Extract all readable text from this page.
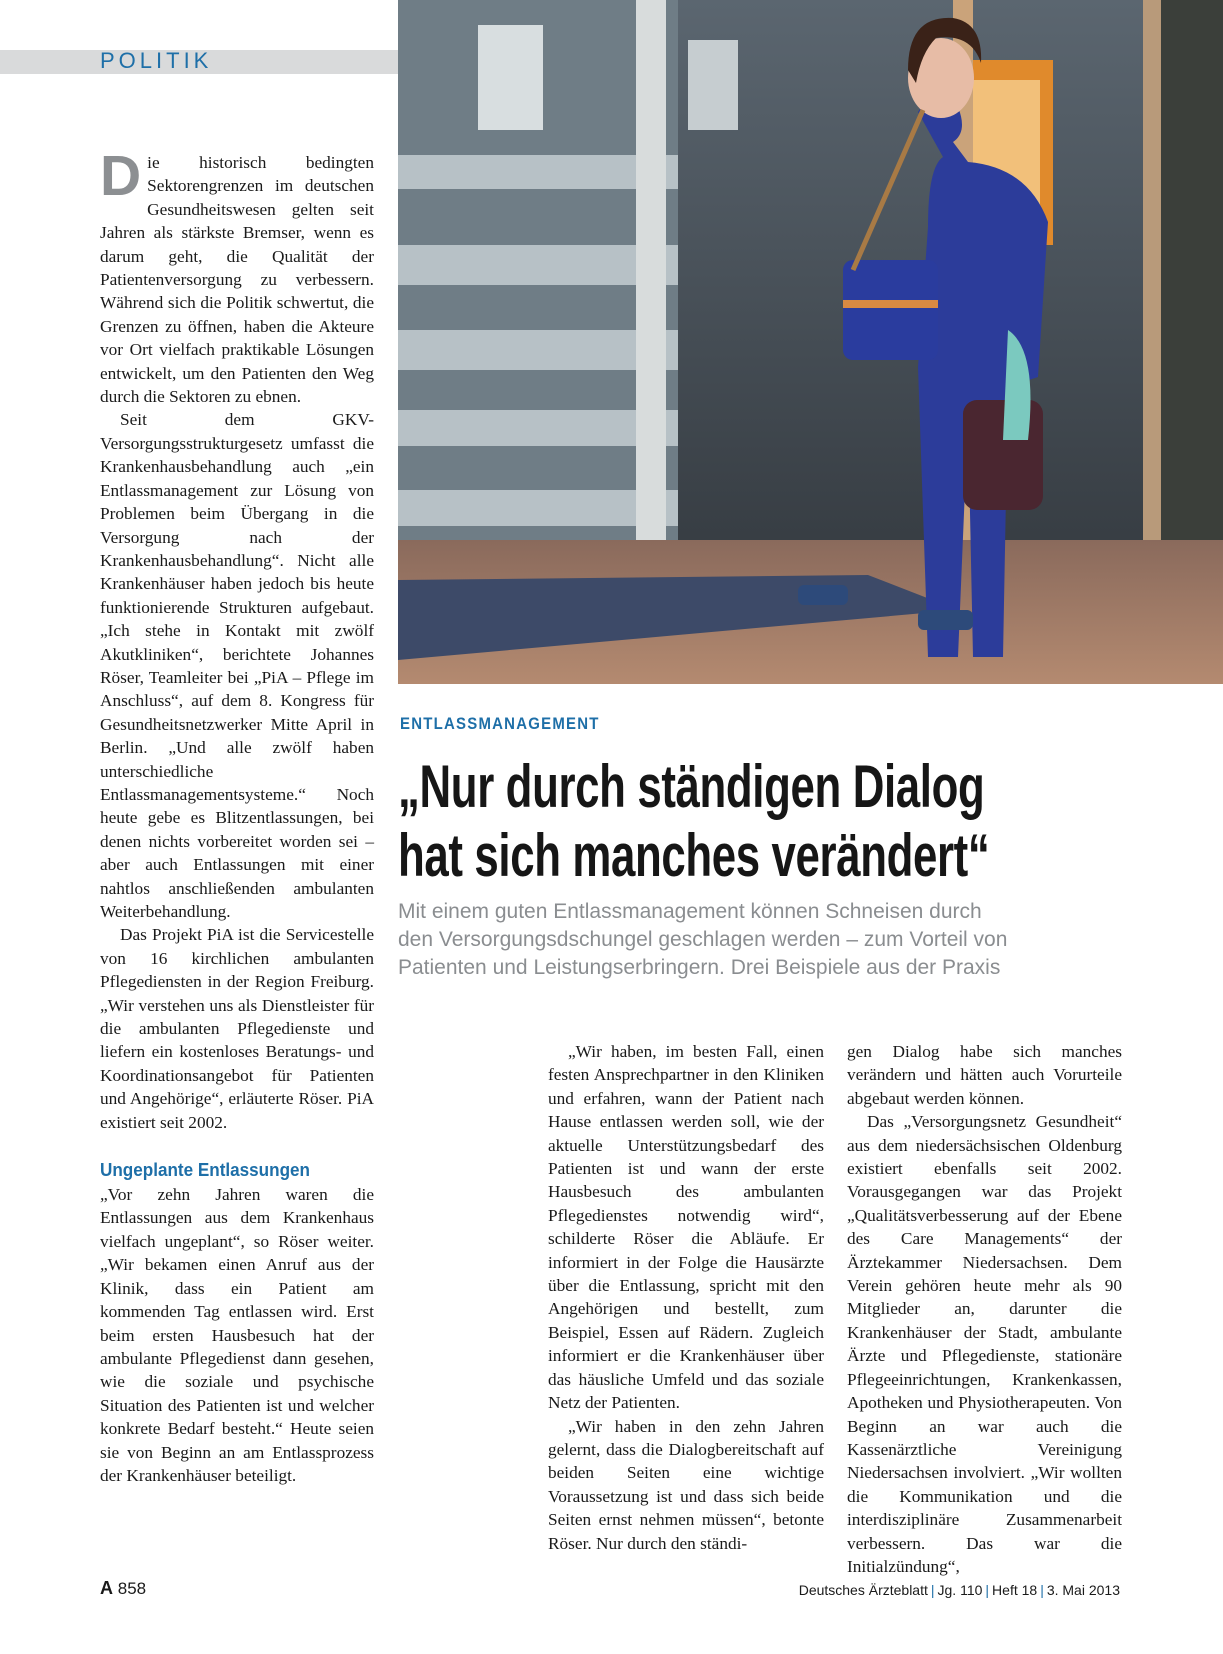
POLITIK
ENTLASSMANAGEMENT
„Nur durch ständigen Dialog
hat sich manches verändert“
Mit einem guten Entlassmanagement können Schneisen durch
den Versorgungsdschungel geschlagen werden – zum Vorteil von
Patienten und Leistungserbringern. Drei Beispiele aus der Praxis

Die historisch bedingten Sektorengrenzen im deutschen Gesundheitswesen gelten seit Jahren als stärkste Bremser, wenn es darum geht, die Qualität der Patientenversorgung zu verbessern. Während sich die Politik schwertut, die Grenzen zu öffnen, haben die Akteure vor Ort vielfach praktikable Lösungen entwickelt, um den Patienten den Weg durch die Sektoren zu ebnen.

Seit dem GKV-Versorgungsstrukturgesetz umfasst die Krankenhausbehandlung auch „ein Entlassmanagement zur Lösung von Problemen beim Übergang in die Versorgung nach der Krankenhausbehandlung“. Nicht alle Krankenhäuser haben jedoch bis heute funktionierende Strukturen aufgebaut. „Ich stehe in Kontakt mit zwölf Akutkliniken“, berichtete Johannes Röser, Teamleiter bei „PiA – Pflege im Anschluss“, auf dem 8. Kongress für Gesundheitsnetzwerker Mitte April in Berlin. „Und alle zwölf haben unterschiedliche Entlassmanagementsysteme.“ Noch heute gebe es Blitzentlassungen, bei denen nichts vorbereitet worden sei – aber auch Entlassungen mit einer nahtlos anschließenden ambulanten Weiterbehandlung.

Das Projekt PiA ist die Servicestelle von 16 kirchlichen ambulanten Pflegediensten in der Region Freiburg. „Wir verstehen uns als Dienstleister für die ambulanten Pflegedienste und liefern ein kostenloses Beratungs- und Koordinationsangebot für Patienten und Angehörige“, erläuterte Röser. PiA existiert seit 2002.

Ungeplante Entlassungen

„Vor zehn Jahren waren die Entlassungen aus dem Krankenhaus vielfach ungeplant“, so Röser weiter. „Wir bekamen einen Anruf aus der Klinik, dass ein Patient am kommenden Tag entlassen wird. Erst beim ersten Hausbesuch hat der ambulante Pflegedienst dann gesehen, wie die soziale und psychische Situation des Patienten ist und welcher konkrete Bedarf besteht.“ Heute seien sie von Beginn an am Entlassprozess der Krankenhäuser beteiligt.

„Wir haben, im besten Fall, einen festen Ansprechpartner in den Kliniken und erfahren, wann der Patient nach Hause entlassen werden soll, wie der aktuelle Unterstützungsbedarf des Patienten ist und wann der erste Hausbesuch des ambulanten Pflegedienstes notwendig wird“, schilderte Röser die Abläufe. Er informiert in der Folge die Hausärzte über die Entlassung, spricht mit den Angehörigen und bestellt, zum Beispiel, Essen auf Rädern. Zugleich informiert er die Krankenhäuser über das häusliche Umfeld und das soziale Netz der Patienten.

„Wir haben in den zehn Jahren gelernt, dass die Dialogbereitschaft auf beiden Seiten eine wichtige Voraussetzung ist und dass sich beide Seiten ernst nehmen müssen“, betonte Röser. Nur durch den ständi-

gen Dialog habe sich manches verändern und hätten auch Vorurteile abgebaut werden können.

Das „Versorgungsnetz Gesundheit“ aus dem niedersächsischen Oldenburg existiert ebenfalls seit 2002. Vorausgegangen war das Projekt „Qualitätsverbesserung auf der Ebene des Care Managements“ der Ärztekammer Niedersachsen. Dem Verein gehören heute mehr als 90 Mitglieder an, darunter die Krankenhäuser der Stadt, ambulante Ärzte und Pflegedienste, stationäre Pflegeeinrichtungen, Krankenkassen, Apotheken und Physiotherapeuten. Von Beginn an war auch die Kassenärztliche Vereinigung Niedersachsen involviert. „Wir wollten die Kommunikation und die interdisziplinäre Zusammenarbeit verbessern. Das war die Initialzündung“,

A 858	Deutsches Ärzteblatt | Jg. 110 | Heft 18 | 3. Mai 2013
